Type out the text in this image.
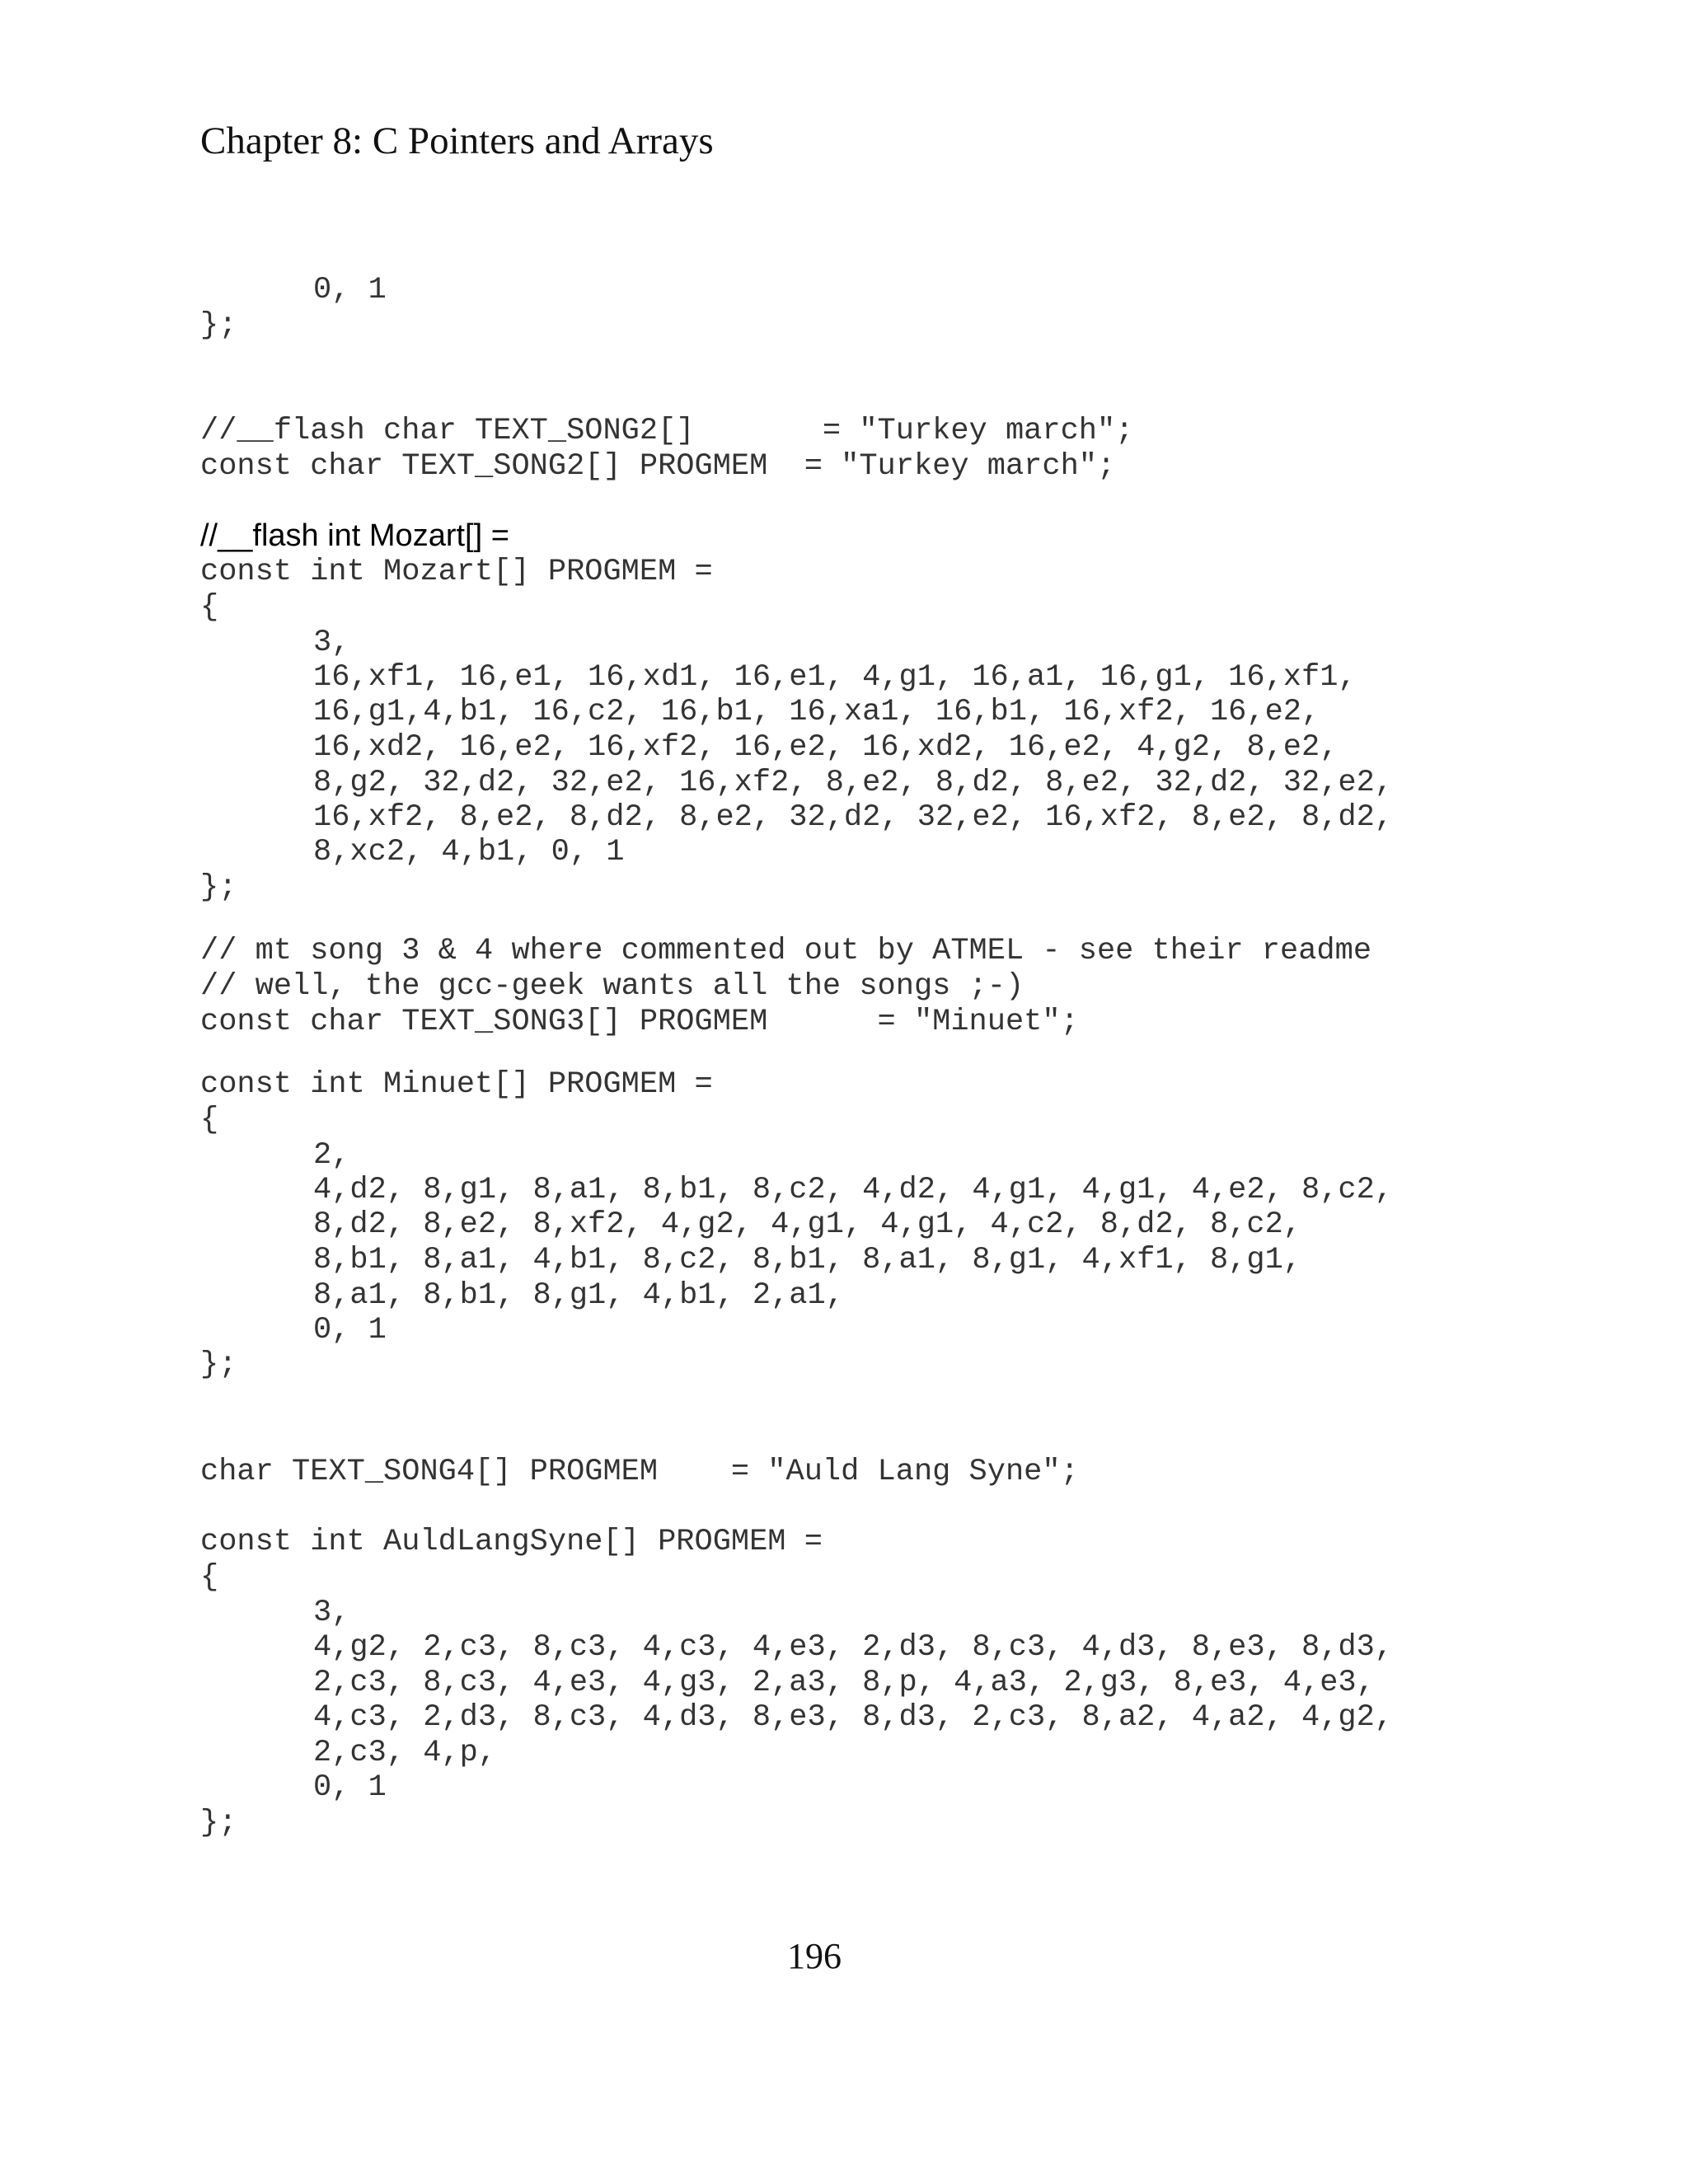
Chapter 8: C Pointers and Arrays
0, 1
};
//__flash char TEXT_SONG2[]       = "Turkey march";
const char TEXT_SONG2[] PROGMEM  = "Turkey march";
//__flash int Mozart[] =
const int Mozart[] PROGMEM =
{
3,
16,xf1, 16,e1, 16,xd1, 16,e1, 4,g1, 16,a1, 16,g1, 16,xf1,
16,g1,4,b1, 16,c2, 16,b1, 16,xa1, 16,b1, 16,xf2, 16,e2,
16,xd2, 16,e2, 16,xf2, 16,e2, 16,xd2, 16,e2, 4,g2, 8,e2,
8,g2, 32,d2, 32,e2, 16,xf2, 8,e2, 8,d2, 8,e2, 32,d2, 32,e2,
16,xf2, 8,e2, 8,d2, 8,e2, 32,d2, 32,e2, 16,xf2, 8,e2, 8,d2,
8,xc2, 4,b1, 0, 1
};
// mt song 3 & 4 where commented out by ATMEL - see their readme
// well, the gcc-geek wants all the songs ;-)
const char TEXT_SONG3[] PROGMEM      = "Minuet";
const int Minuet[] PROGMEM =
{
2,
4,d2, 8,g1, 8,a1, 8,b1, 8,c2, 4,d2, 4,g1, 4,g1, 4,e2, 8,c2,
8,d2, 8,e2, 8,xf2, 4,g2, 4,g1, 4,g1, 4,c2, 8,d2, 8,c2,
8,b1, 8,a1, 4,b1, 8,c2, 8,b1, 8,a1, 8,g1, 4,xf1, 8,g1,
8,a1, 8,b1, 8,g1, 4,b1, 2,a1,
0, 1
};
char TEXT_SONG4[] PROGMEM    = "Auld Lang Syne";
const int AuldLangSyne[] PROGMEM =
{
3,
4,g2, 2,c3, 8,c3, 4,c3, 4,e3, 2,d3, 8,c3, 4,d3, 8,e3, 8,d3,
2,c3, 8,c3, 4,e3, 4,g3, 2,a3, 8,p, 4,a3, 2,g3, 8,e3, 4,e3,
4,c3, 2,d3, 8,c3, 4,d3, 8,e3, 8,d3, 2,c3, 8,a2, 4,a2, 4,g2,
2,c3, 4,p,
0, 1
};
196
